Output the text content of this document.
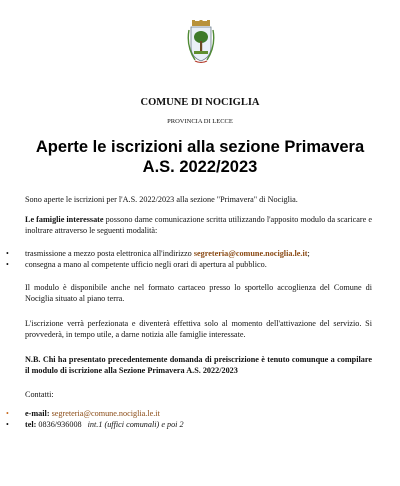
COMUNE DI NOCIGLIA
PROVINCIA DI LECCE
Aperte le iscrizioni alla sezione Primavera
A.S. 2022/2023
Sono aperte le iscrizioni per l'A.S. 2022/2023 alla sezione "Primavera" di Nociglia.
Le famiglie interessate possono darne comunicazione scritta utilizzando l'apposito modulo da scaricare e inoltrare attraverso le seguenti modalità:
• trasmissione a mezzo posta elettronica all'indirizzo segreteria@comune.nociglia.le.it;
• consegna a mano al competente ufficio negli orari di apertura al pubblico.
Il modulo è disponibile anche nel formato cartaceo presso lo sportello accoglienza del Comune di Nociglia situato al piano terra.
L'iscrizione verrà perfezionata e diventerà effettiva solo al momento dell'attivazione del servizio. Si provvederà, in tempo utile, a darne notizia alle famiglie interessate.
N.B. Chi ha presentato precedentemente domanda di preiscrizione è tenuto comunque a compilare il modulo di iscrizione alla Sezione Primavera A.S. 2022/2023
Contatti:
• e-mail: segreteria@comune.nociglia.le.it
• tel: 0836/936008 int.1 (uffici comunali) e poi 2
